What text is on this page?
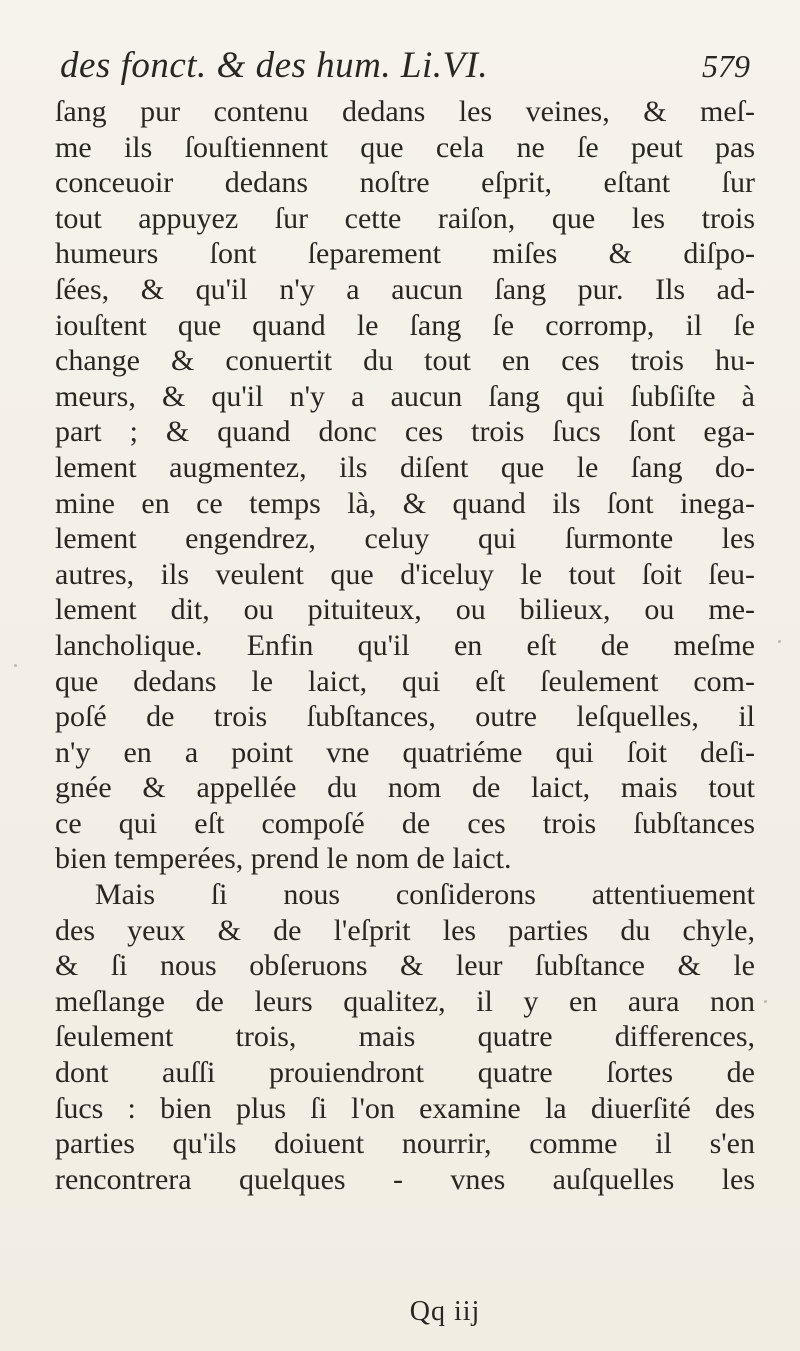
des fonct. & des hum. Li.VI.	579
ſang pur contenu dedans les veines, & meſ-
me ils ſouſtiennent que cela ne ſe peut pas
conceuoir dedans noſtre eſprit, eſtant ſur
tout appuyez ſur cette raiſon, que les trois
humeurs ſont ſeparement miſes & diſpo-
ſées, & qu'il n'y a aucun ſang pur. Ils ad-
iouſtent que quand le ſang ſe corromp, il ſe
change & conuertit du tout en ces trois hu-
meurs, & qu'il n'y a aucun ſang qui ſubſiſte à
part ; & quand donc ces trois ſucs ſont ega-
lement augmentez, ils diſent que le ſang do-
mine en ce temps là, & quand ils ſont inega-
lement engendrez, celuy qui ſurmonte les
autres, ils veulent que d'iceluy le tout ſoit ſeu-
lement dit, ou pituiteux, ou bilieux, ou me-
lancholique. Enfin qu'il en eſt de meſme
que dedans le laict, qui eſt ſeulement com-
poſé de trois ſubſtances, outre leſquelles, il
n'y en a point vne quatriéme qui ſoit deſi-
gnée & appellée du nom de laict, mais tout
ce qui eſt compoſé de ces trois ſubſtances
bien temperées, prend le nom de laict.
Mais ſi nous conſiderons attentiuement
des yeux & de l'eſprit les parties du chyle,
& ſi nous obſeruons & leur ſubſtance & le
meſlange de leurs qualitez, il y en aura non
ſeulement trois, mais quatre differences,
dont auſſi prouiendront quatre ſortes de
ſucs : bien plus ſi l'on examine la diuerſité des
parties qu'ils doiuent nourrir, comme il s'en
rencontrera quelques - vnes auſquelles les
Qq iij
